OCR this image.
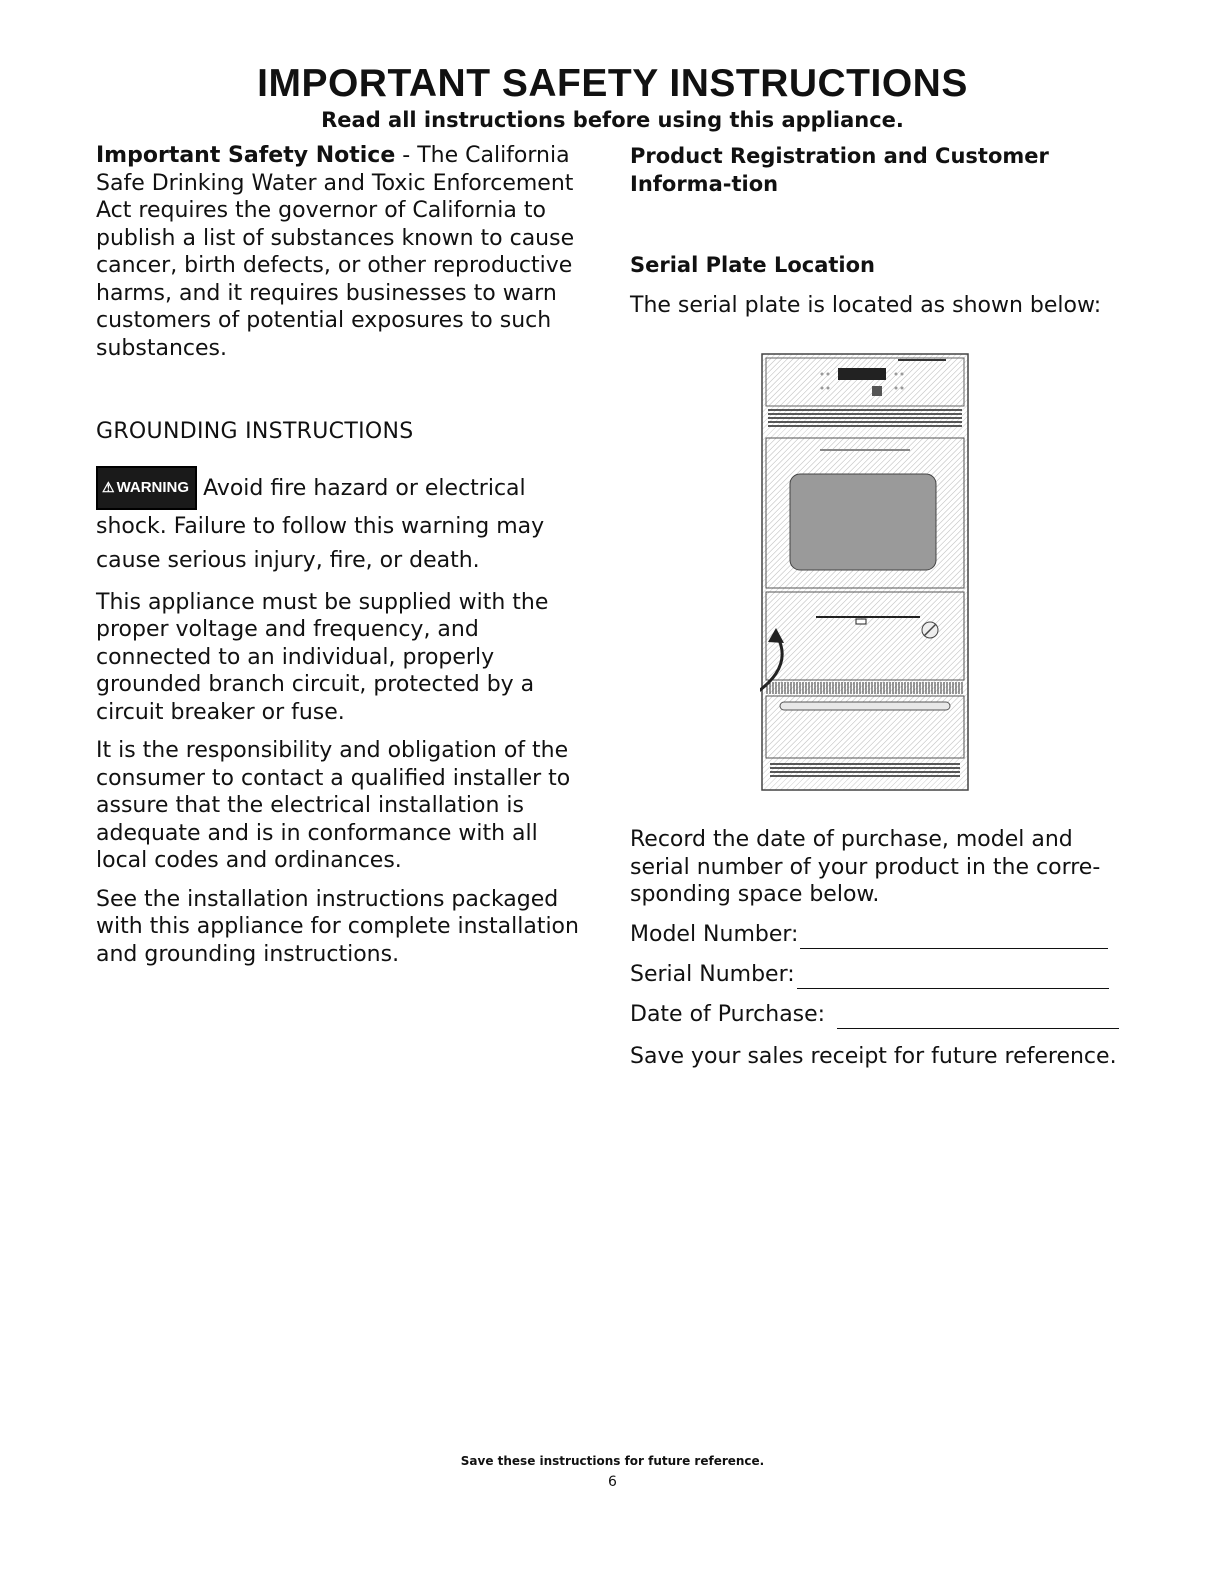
IMPORTANT SAFETY INSTRUCTIONS
Read all instructions before using this appliance.

Important Safety Notice - The California Safe Drinking Water and Toxic Enforcement Act requires the governor of California to publish a list of substances known to cause cancer, birth defects, or other reproductive harms, and it requires businesses to warn customers of potential exposures to such substances.

GROUNDING INSTRUCTIONS

⚠ WARNING Avoid fire hazard or electrical shock. Failure to follow this warning may cause serious injury, fire, or death.

This appliance must be supplied with the proper voltage and frequency, and connected to an individual, properly grounded branch circuit, protected by a circuit breaker or fuse.

It is the responsibility and obligation of the consumer to contact a qualified installer to assure that the electrical installation is adequate and is in conformance with all local codes and ordinances.

See the installation instructions packaged with this appliance for complete installation and grounding instructions.

Product Registration and Customer Informa-tion

Serial Plate Location

The serial plate is located as shown below:

Record the date of purchase, model and serial number of your product in the corre-sponding space below.

Model Number:
Serial Number:
Date of Purchase:

Save your sales receipt for future reference.

Save these instructions for future reference.
6
